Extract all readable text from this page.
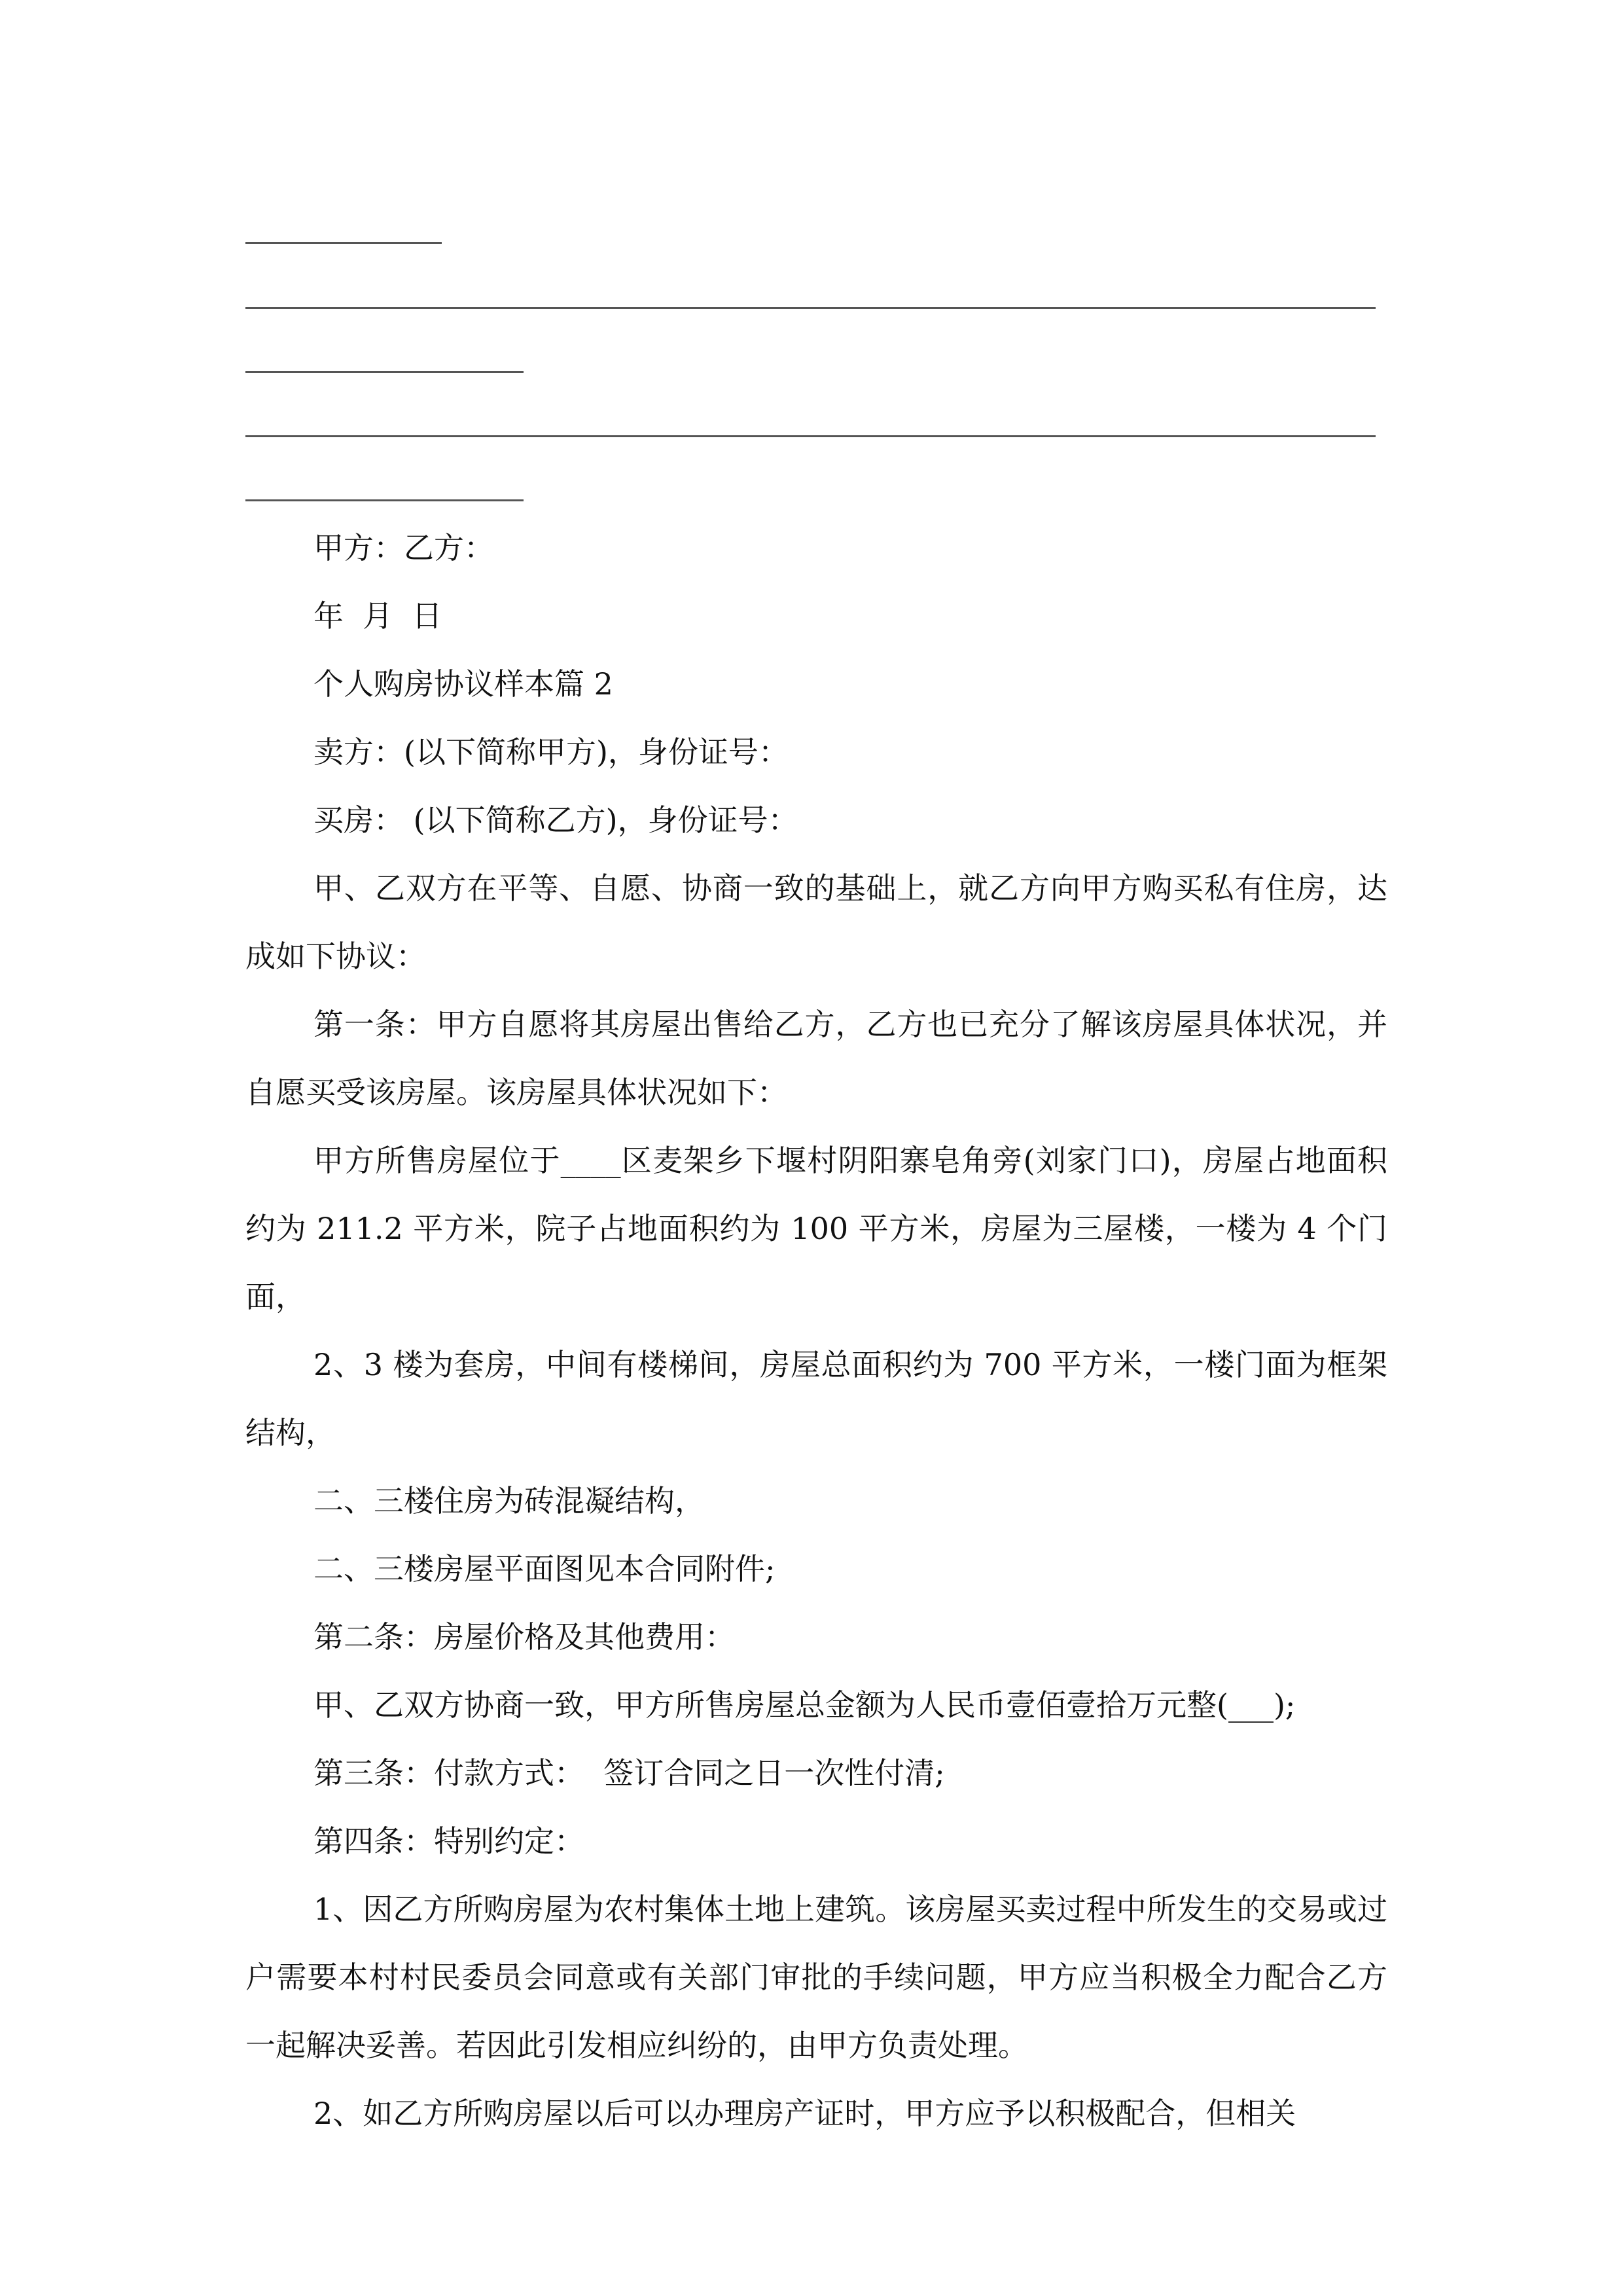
甲方：乙方：

年  月  日

个人购房协议样本篇 2

卖方：(以下简称甲方)，身份证号：

买房： (以下简称乙方)，身份证号：

甲、乙双方在平等、自愿、协商一致的基础上，就乙方向甲方购买私有住房，达成如下协议：

第一条：甲方自愿将其房屋出售给乙方，乙方也已充分了解该房屋具体状况，并自愿买受该房屋。该房屋具体状况如下：

甲方所售房屋位于____区麦架乡下堰村阴阳寨皂角旁(刘家门口)，房屋占地面积约为 211.2 平方米，院子占地面积约为 100 平方米，房屋为三屋楼，一楼为 4 个门面，

2、3 楼为套房，中间有楼梯间，房屋总面积约为 700 平方米，一楼门面为框架结构，

二、三楼住房为砖混凝结构，

二、三楼房屋平面图见本合同附件;

第二条：房屋价格及其他费用：

甲、乙双方协商一致，甲方所售房屋总金额为人民币壹佰壹拾万元整(___);

第三条：付款方式：  签订合同之日一次性付清;

第四条：特别约定：

1、因乙方所购房屋为农村集体土地上建筑。该房屋买卖过程中所发生的交易或过户需要本村村民委员会同意或有关部门审批的手续问题，甲方应当积极全力配合乙方一起解决妥善。若因此引发相应纠纷的，由甲方负责处理。

2、如乙方所购房屋以后可以办理房产证时，甲方应予以积极配合，但相关
